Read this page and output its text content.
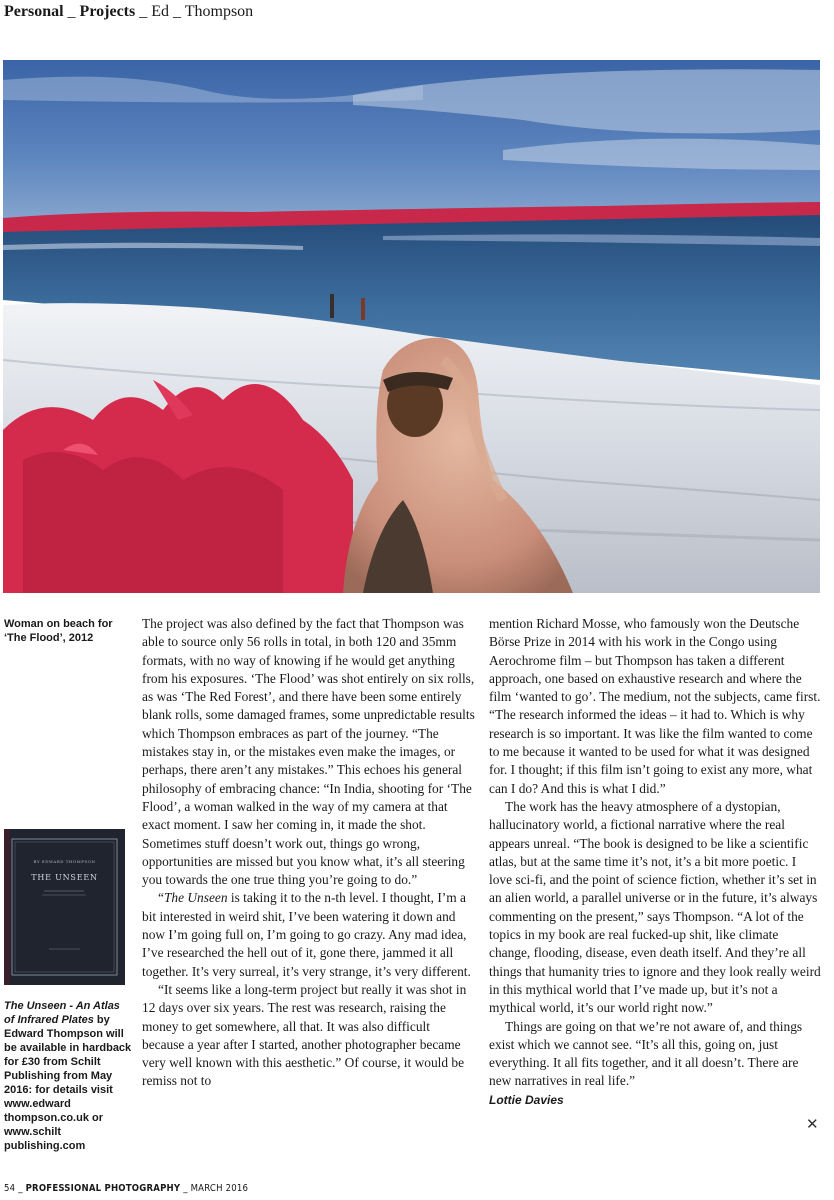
Personal _ Projects _ Ed _ Thompson
Woman on beach for ‘The Flood’, 2012
BY EDWARD THOMPSON
THE UNSEEN
The Unseen - An Atlas of Infrared Plates by Edward Thompson will be available in hardback for £30 from Schilt Publishing from May 2016: for details visit www.edward thompson.co.uk or www.schilt publishing.com

The project was also defined by the fact that Thompson was able to source only 56 rolls in total, in both 120 and 35mm formats, with no way of knowing if he would get anything from his exposures. ‘The Flood’ was shot entirely on six rolls, as was ‘The Red Forest’, and there have been some entirely blank rolls, some damaged frames, some unpredictable results which Thompson embraces as part of the journey. “The mistakes stay in, or the mistakes even make the images, or perhaps, there aren’t any mistakes.” This echoes his general philosophy of embracing chance: “In India, shooting for ‘The Flood’, a woman walked in the way of my camera at that exact moment. I saw her coming in, it made the shot. Sometimes stuff doesn’t work out, things go wrong, opportunities are missed but you know what, it’s all steering you towards the one true thing you’re going to do.”

“The Unseen is taking it to the n-th level. I thought, I’m a bit interested in weird shit, I’ve been watering it down and now I’m going full on, I’m going to go crazy. Any mad idea, I’ve researched the hell out of it, gone there, jammed it all together. It’s very surreal, it’s very strange, it’s very different.

“It seems like a long-term project but really it was shot in 12 days over six years. The rest was research, raising the money to get somewhere, all that. It was also difficult because a year after I started, another photographer became very well known with this aesthetic.” Of course, it would be remiss not to

mention Richard Mosse, who famously won the Deutsche Börse Prize in 2014 with his work in the Congo using Aerochrome film – but Thompson has taken a different approach, one based on exhaustive research and where the film ‘wanted to go’. The medium, not the subjects, came first. “The research informed the ideas – it had to. Which is why research is so important. It was like the film wanted to come to me because it wanted to be used for what it was designed for. I thought; if this film isn’t going to exist any more, what can I do? And this is what I did.”

The work has the heavy atmosphere of a dystopian, hallucinatory world, a fictional narrative where the real appears unreal. “The book is designed to be like a scientific atlas, but at the same time it’s not, it’s a bit more poetic. I love sci-fi, and the point of science fiction, whether it’s set in an alien world, a parallel universe or in the future, it’s always commenting on the present,” says Thompson. “A lot of the topics in my book are real fucked-up shit, like climate change, flooding, disease, even death itself. And they’re all things that humanity tries to ignore and they look really weird in this mythical world that I’ve made up, but it’s not a mythical world, it’s our world right now.”

Things are going on that we’re not aware of, and things exist which we cannot see. “It’s all this, going on, just everything. It all fits together, and it all doesn’t. There are new narratives in real life.”

Lottie Davies

✕
54 _ PROFESSIONAL PHOTOGRAPHY _ MARCH 2016
